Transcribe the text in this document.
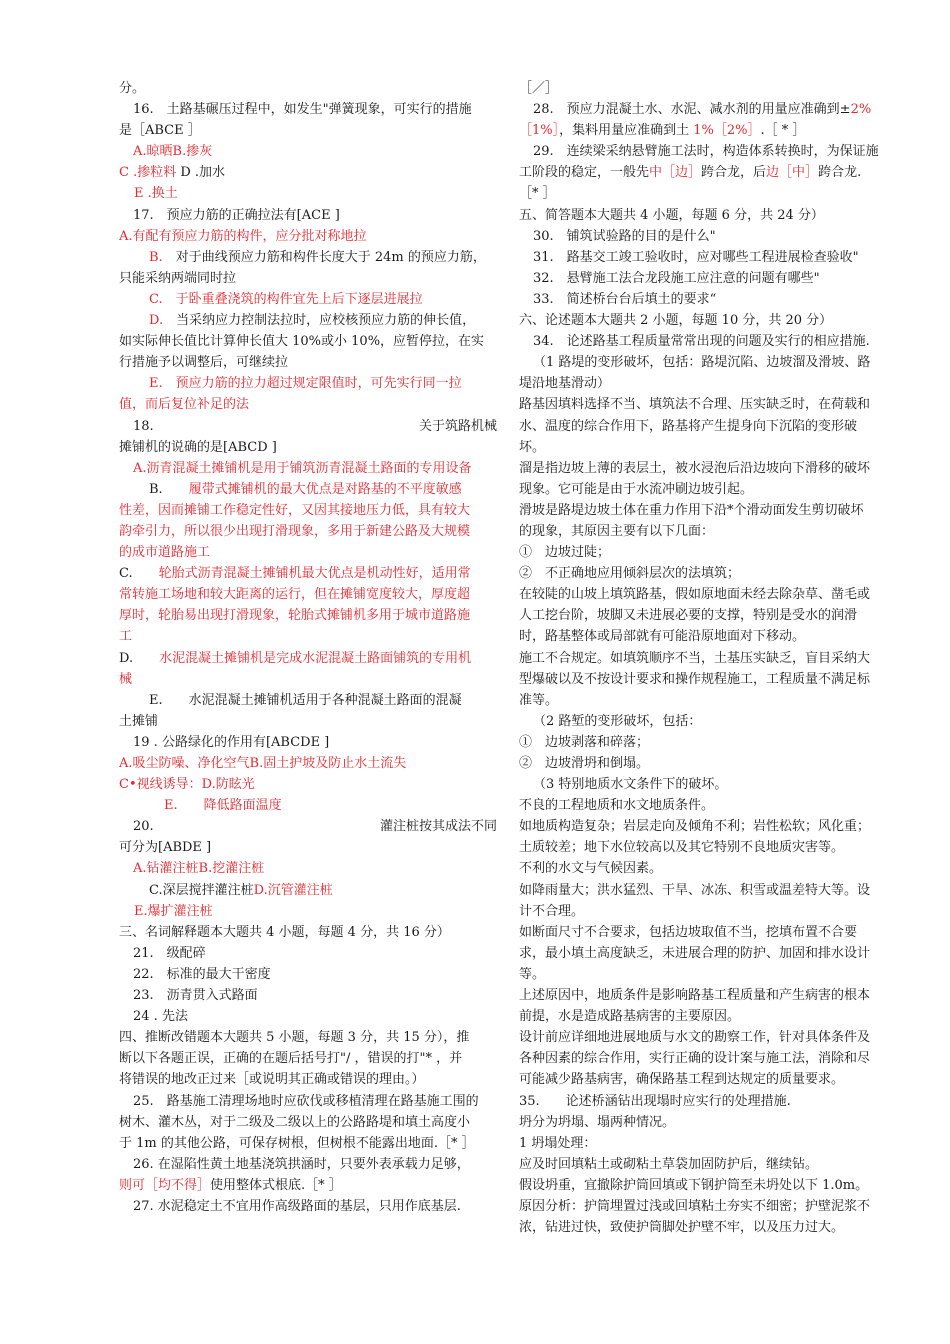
分。
16.　土路基碾压过程中，如发生"弹簧现象，可实行的措施
是［ABCE ］
A.晾晒B.掺灰
C .掺粒料 D .加水
E .换土
17.　预应力筋的正确拉法有[ACE ]
A.有配有预应力筋的构件，应分批对称地拉
B.　对于曲线预应力筋和构件长度大于 24m 的预应力筋，
只能采纳两端同时拉
C.　于卧重叠浇筑的构件宜先上后下逐层进展拉
D.　当采纳应力控制法拉时，应校核预应力筋的伸长值，
如实际伸长值比计算伸长值大 10%或小 10%，应暂停拉，在实
行措施予以调整后，可继续拉
E.　预应力筋的拉力超过规定限值时，可先实行同一拉
值，而后复位补足的法
18.	关于筑路机械
摊铺机的说确的是[ABCD ]
A.沥青混凝土摊铺机是用于铺筑沥青混凝土路面的专用设备
B.　　履带式摊铺机的最大优点是对路基的不平度敏感
性差，因而摊铺工作稳定性好，又因其接地压力低，具有较大
韵牵引力，所以很少出现打滑现象，多用于新建公路及大规模
的成市道路施工
C.　　轮胎式沥青混凝土摊铺机最大优点是机动性好，适用常
常转施工场地和较大距离的运行，但在摊铺宽度较大，厚度超
厚时，轮胎易出现打滑现象，轮胎式摊铺机多用于城市道路施
工
D.　　水泥混凝土摊铺机是完成水泥混凝土路面铺筑的专用机
械
E.　　水泥混凝土摊铺机适用于各种混凝土路面的混凝
土摊铺
19 . 公路绿化的作用有[ABCDE ]
A.吸尘防噪、净化空气B.固土护坡及防止水土流失
C•视线诱导：D.防眩光
E.　　降低路面温度
20.	灌注桩按其成法不同
可分为[ABDE ]
A.钻灌注桩B.挖灌注桩
C.深层搅拌灌注桩D.沉管灌注桩
E.爆扩灌注桩
三、名词解释题本大题共 4 小题，每题 4 分，共 16 分）
21.　级配碎
22.　标准的最大干密度
23.　沥青贯入式路面
24 . 先法
四、推断改错题本大题共 5 小题，每题 3 分，共 15 分），推
断以下各题正误，正确的在题后括号打"/ ，错误的打"* ，并
将错误的地改正过来［或说明其正确或错误的理由。）
25.　路基施工清理场地时应砍伐或移植清理在路基施工围的
树木、灌木丛，对于二级及二级以上的公路路堤和填土高度小
于 1m 的其他公路，可保存树根，但树根不能露出地面.［* ］
26. 在湿陷性黄土地基浇筑拱涵时，只要外表承载力足够，
则可［均不得］使用整体式根底.［* ］
27. 水泥稳定土不宜用作高级路面的基层，只用作底基层.
［／］
28.　预应力混凝土水、水泥、减水剂的用量应准确到±2%
［1%］，集料用量应准确到土 1%［2%］.［ * ］
29.　连续梁采纳悬臂施工法时，构造体系转换时，为保证施
工阶段的稳定，一般先中［边］跨合龙，后边［中］跨合龙.
［* ］
五、简答题本大题共 4 小题，每题 6 分，共 24 分）
30.　铺筑试验路的目的是什么"
31.　路基交工竣工验收时，应对哪些工程进展检查验收"
32.　悬臂施工法合龙段施工应注意的问题有哪些"
33.　简述桥台台后填土的要求“
六、论述题本大题共 2 小题，每题 10 分，共 20 分）
34.　论述路基工程质量常常出现的问题及实行的相应措施.
（1 路堤的变形破坏，包括：路堤沉陷、边坡溜及滑坡、路
堤沿地基滑动）
路基因填料选择不当、填筑法不合理、压实缺乏时，在荷载和
水、温度的综合作用下，路基将产生提身向下沉陷的变形破
坏。
溜是指边坡上薄的表层土，被水浸泡后沿边坡向下滑移的破坏
现象。它可能是由于水流冲刷边坡引起。
滑坡是路堤边坡土体在重力作用下沿*个滑动面发生剪切破坏
的现象，其原因主要有以下几面：
①　边坡过陡；
②　不正确地应用倾斜层次的法填筑；
在较陡的山坡上填筑路基，假如原地面未经去除杂草、凿毛或
人工挖台阶，坡脚又未进展必要的支撑，特别是受水的润滑
时，路基整体或局部就有可能沿原地面对下移动。
施工不合规定。如填筑顺序不当，土基压实缺乏，盲目采纳大
型爆破以及不按设计要求和操作规程施工，工程质量不满足标
准等。
（2 路堑的变形破坏，包括：
①　边坡剥落和碎落；
②　边坡滑坍和倒塌。
（3 特别地质水文条件下的破坏。
不良的工程地质和水文地质条件。
如地质构造复杂；岩层走向及倾角不利；岩性松软；风化重；
土质较差；地下水位较高以及其它特别不良地质灾害等。
不利的水文与气候因素。
如降雨量大；洪水猛烈、干旱、冰冻、积雪或温差特大等。设
计不合理。
如断面尺寸不合要求，包括边坡取值不当，挖填布置不合要
求，最小填土高度缺乏，未进展合理的防护、加固和排水设计
等。
上述原因中，地质条件是影响路基工程质量和产生病害的根本
前提，水是造成路基病害的主要原因。
设计前应详细地进展地质与水文的勘察工作，针对具体条件及
各种因素的综合作用，实行正确的设计案与施工法，消除和尽
可能减少路基病害，确保路基工程到达规定的质量要求。
35.　　论述桥涵钻出现塌时应实行的处理措施.
坍分为坍塌、塌两种情况。
1 坍塌处理：
应及时回填粘土或砌粘土草袋加固防护后，继续钻。
假设坍重，宜撤除护筒回填或下钢护筒至未坍处以下 1.0m。
原因分析：护筒埋置过浅或回填粘土夯实不细密；护壁泥浆不
浓，钻进过快，致使护筒脚处护壁不牢，以及压力过大。
